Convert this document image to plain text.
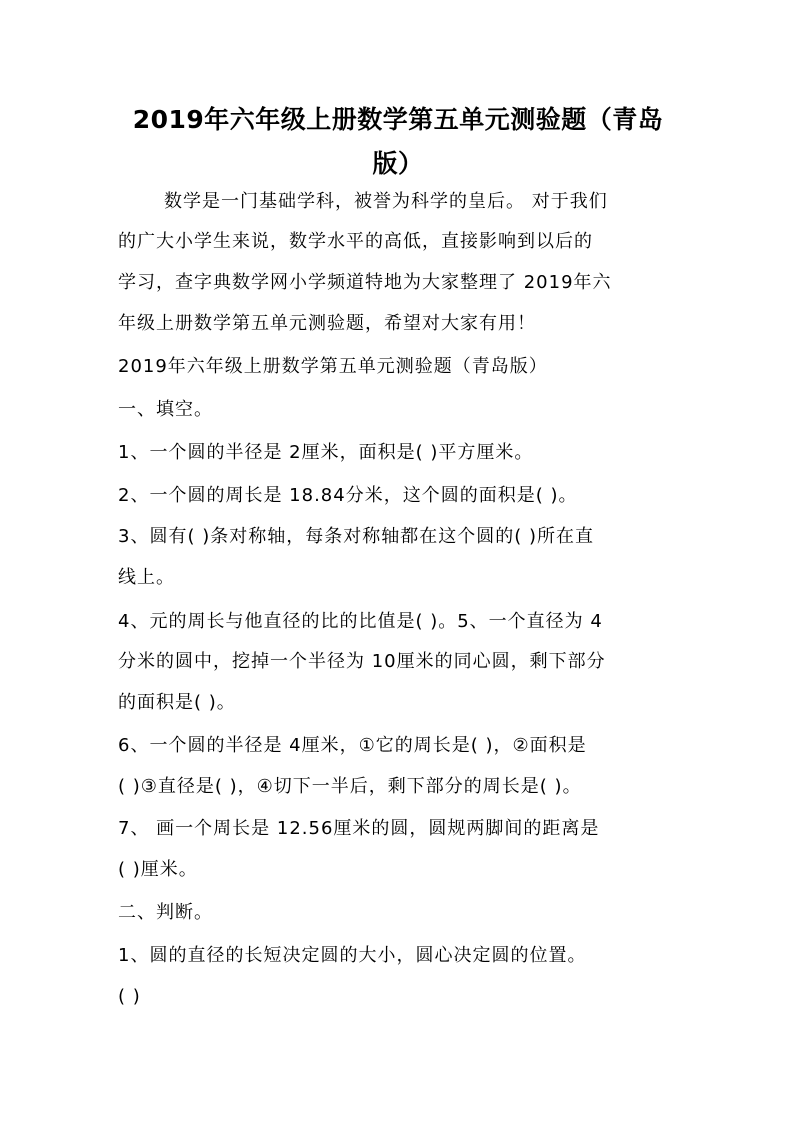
2019年六年级上册数学第五单元测验题（青岛版）
数学是一门基础学科，被誉为科学的皇后。 对于我们
的广大小学生来说，数学水平的高低，直接影响到以后的
学习，查字典数学网小学频道特地为大家整理了 2019年六
年级上册数学第五单元测验题，希望对大家有用！
2019年六年级上册数学第五单元测验题（青岛版）
一、填空。
1、一个圆的半径是 2厘米，面积是( )平方厘米。
2、一个圆的周长是 18.84分米，这个圆的面积是( )。
3、圆有( )条对称轴，每条对称轴都在这个圆的( )所在直
线上。
4、元的周长与他直径的比的比值是( )。5、一个直径为 4
分米的圆中，挖掉一个半径为 10厘米的同心圆，剩下部分
的面积是( )。
6、一个圆的半径是 4厘米，①它的周长是( )，②面积是
( )③直径是( )，④切下一半后，剩下部分的周长是( )。
7、 画一个周长是 12.56厘米的圆，圆规两脚间的距离是
( )厘米。
二、判断。
1、圆的直径的长短决定圆的大小，圆心决定圆的位置。
( )
